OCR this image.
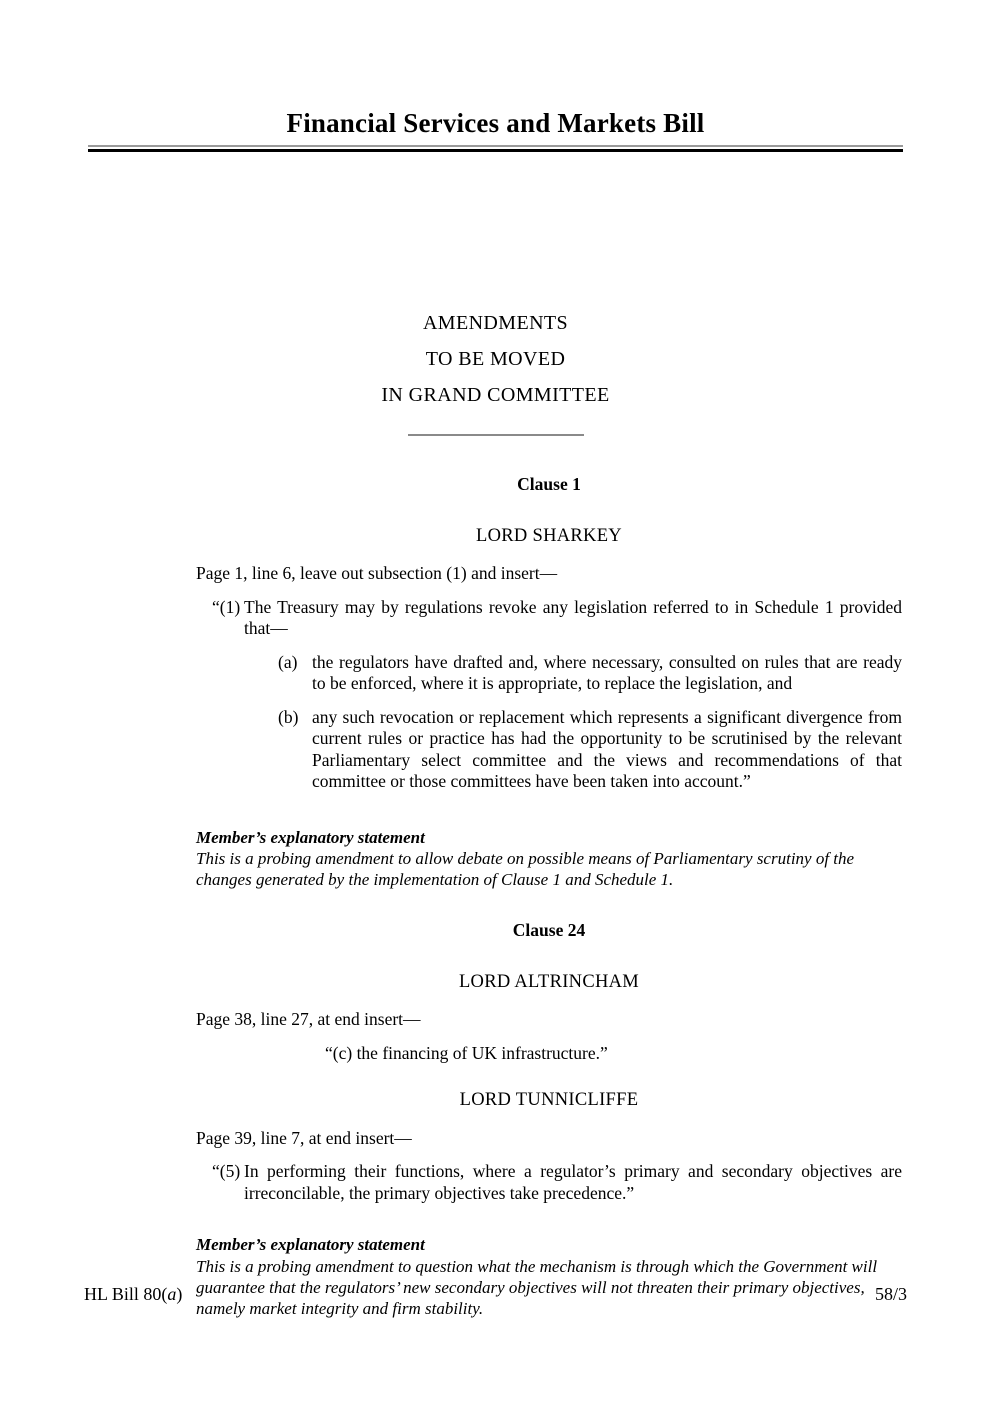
Financial Services and Markets Bill
AMENDMENTS
TO BE MOVED
IN GRAND COMMITTEE
Clause 1
LORD SHARKEY
Page 1, line 6, leave out subsection (1) and insert—
“(1) The Treasury may by regulations revoke any legislation referred to in Schedule 1 provided that—
(a) the regulators have drafted and, where necessary, consulted on rules that are ready to be enforced, where it is appropriate, to replace the legislation, and
(b) any such revocation or replacement which represents a significant divergence from current rules or practice has had the opportunity to be scrutinised by the relevant Parliamentary select committee and the views and recommendations of that committee or those committees have been taken into account.”
Member’s explanatory statement
This is a probing amendment to allow debate on possible means of Parliamentary scrutiny of the changes generated by the implementation of Clause 1 and Schedule 1.
Clause 24
LORD ALTRINCHAM
Page 38, line 27, at end insert—
“(c) the financing of UK infrastructure.”
LORD TUNNICLIFFE
Page 39, line 7, at end insert—
“(5) In performing their functions, where a regulator’s primary and secondary objectives are irreconcilable, the primary objectives take precedence.”
Member’s explanatory statement
This is a probing amendment to question what the mechanism is through which the Government will guarantee that the regulators’ new secondary objectives will not threaten their primary objectives, namely market integrity and firm stability.
HL Bill 80(a)	58/3
